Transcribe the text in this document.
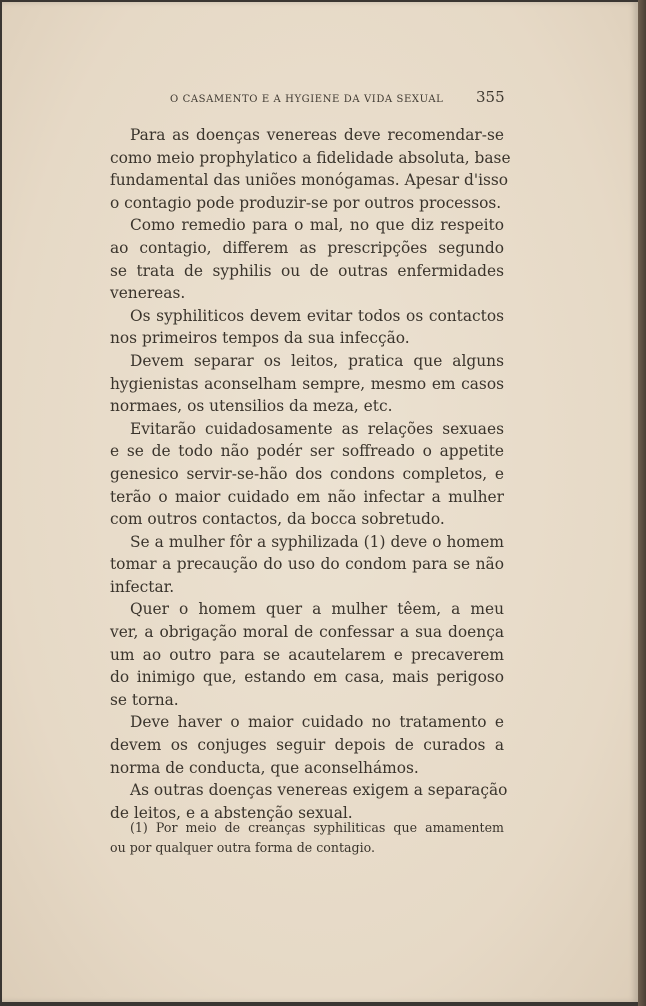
O CASAMENTO E A HYGIENE DA VIDA SEXUAL 355
Para as doenças venereas deve recomendar-se
como meio prophylatico a fidelidade absoluta, base
fundamental das uniões monógamas. Apesar d'isso
o contagio pode produzir-se por outros processos.
Como remedio para o mal, no que diz respeito
ao contagio, differem as prescripções segundo
se trata de syphilis ou de outras enfermidades
venereas.
Os syphiliticos devem evitar todos os contactos
nos primeiros tempos da sua infecção.
Devem separar os leitos, pratica que alguns
hygienistas aconselham sempre, mesmo em casos
normaes, os utensilios da meza, etc.
Evitarão cuidadosamente as relações sexuaes
e se de todo não podér ser soffreado o appetite
genesico servir-se-hão dos condons completos, e
terão o maior cuidado em não infectar a mulher
com outros contactos, da bocca sobretudo.
Se a mulher fôr a syphilizada (1) deve o homem
tomar a precaução do uso do condom para se não
infectar.
Quer o homem quer a mulher têem, a meu
ver, a obrigação moral de confessar a sua doença
um ao outro para se acautelarem e precaverem
do inimigo que, estando em casa, mais perigoso
se torna.
Deve haver o maior cuidado no tratamento e
devem os conjuges seguir depois de curados a
norma de conducta, que aconselhámos.
As outras doenças venereas exigem a separação
de leitos, e a abstenção sexual.
(1) Por meio de creanças syphiliticas que amamentem
ou por qualquer outra forma de contagio.
